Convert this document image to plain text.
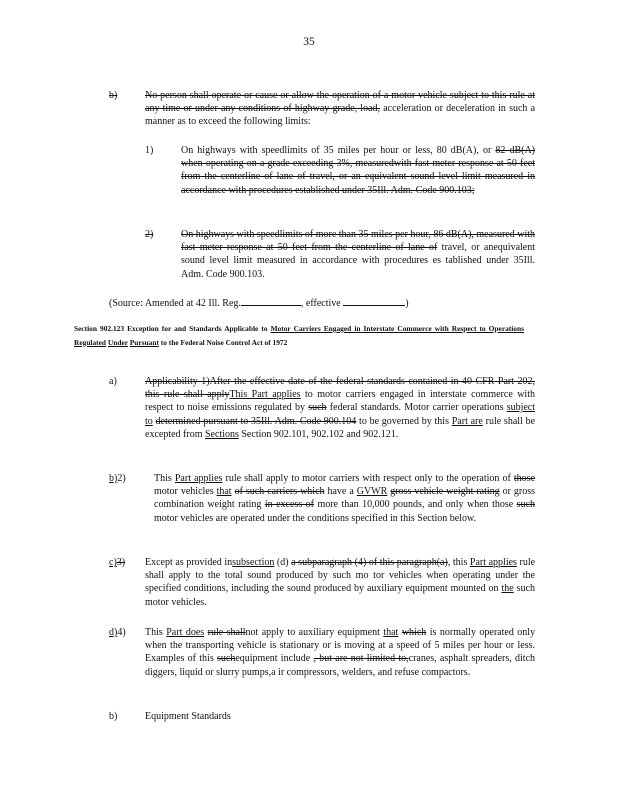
35
b)	No person shall operate or cause or allow the operation of a motor vehicle subject to this rule at any time or under any conditions of highway grade, load, acceleration or deceleration in such a manner as to exceed the following limits:
1)	On highways with speedlimits of 35 miles per hour or less, 80 dB(A), or 82 dB(A) when operating on a grade exceeding 3%, measuredwith fast meter response at 50 feet from the centerline of lane of travel, or an equivalent sound level limit measured in accordance with procedures established under 35Ill. Adm. Code 900.103;
2)	On highways with speedlimits of more than 35 miles per hour, 86 dB(A), measured with fast meter response at 50 feet from the centerline of lane of travel, or anequivalent sound level limit measured in accordance with procedures es tablished under 35Ill. Adm. Code 900.103.
(Source: Amended at 42 Ill. Reg.	, effective	)
Section 902.123 Exception for and Standards Applicable to Motor Carriers Engaged in Interstate Commerce with Respect to Operations Regulated Under Pursuant to the Federal Noise Control Act of 1972
a)	Applicability 1)After the effective date of the federal standards contained in 40 CFR Part 202, this rule shall applyThis Part applies to motor carriers engaged in interstate commerce with respect to noise emissions regulated by such federal standards. Motor carrier operations subject to determined pursuant to 35Ill. Adm. Code 900.104 to be governed by this Part are rule shall be excepted from Sections Section 902.101, 902.102 and 902.121.
b)2)	This Part applies rule shall apply to motor carriers with respect only to the operation of those motor vehicles that of such carriers which have a GVWR gross vehicle weight rating or gross combination weight rating in excess of more than 10,000 pounds, and only when those such motor vehicles are operated under the conditions specified in this Section below.
c)3) Except as provided insubsection (d) a subparagraph (4) of this paragraph(a), this Part applies rule shall apply to the total sound produced by such mo tor vehicles when operating under the specified conditions, including the sound produced by auxiliary equipment mounted on the such motor vehicles.
d)4) This Part does rule shallnot apply to auxiliary equipment that which is normally operated only when the transporting vehicle is stationary or is moving at a speed of 5 miles per hour or less. Examples of this suchequipment include , but are not limited to,cranes, asphalt spreaders, ditch diggers, liquid or slurry pumps,a ir compressors, welders, and refuse compactors.
b)	Equipment Standards
